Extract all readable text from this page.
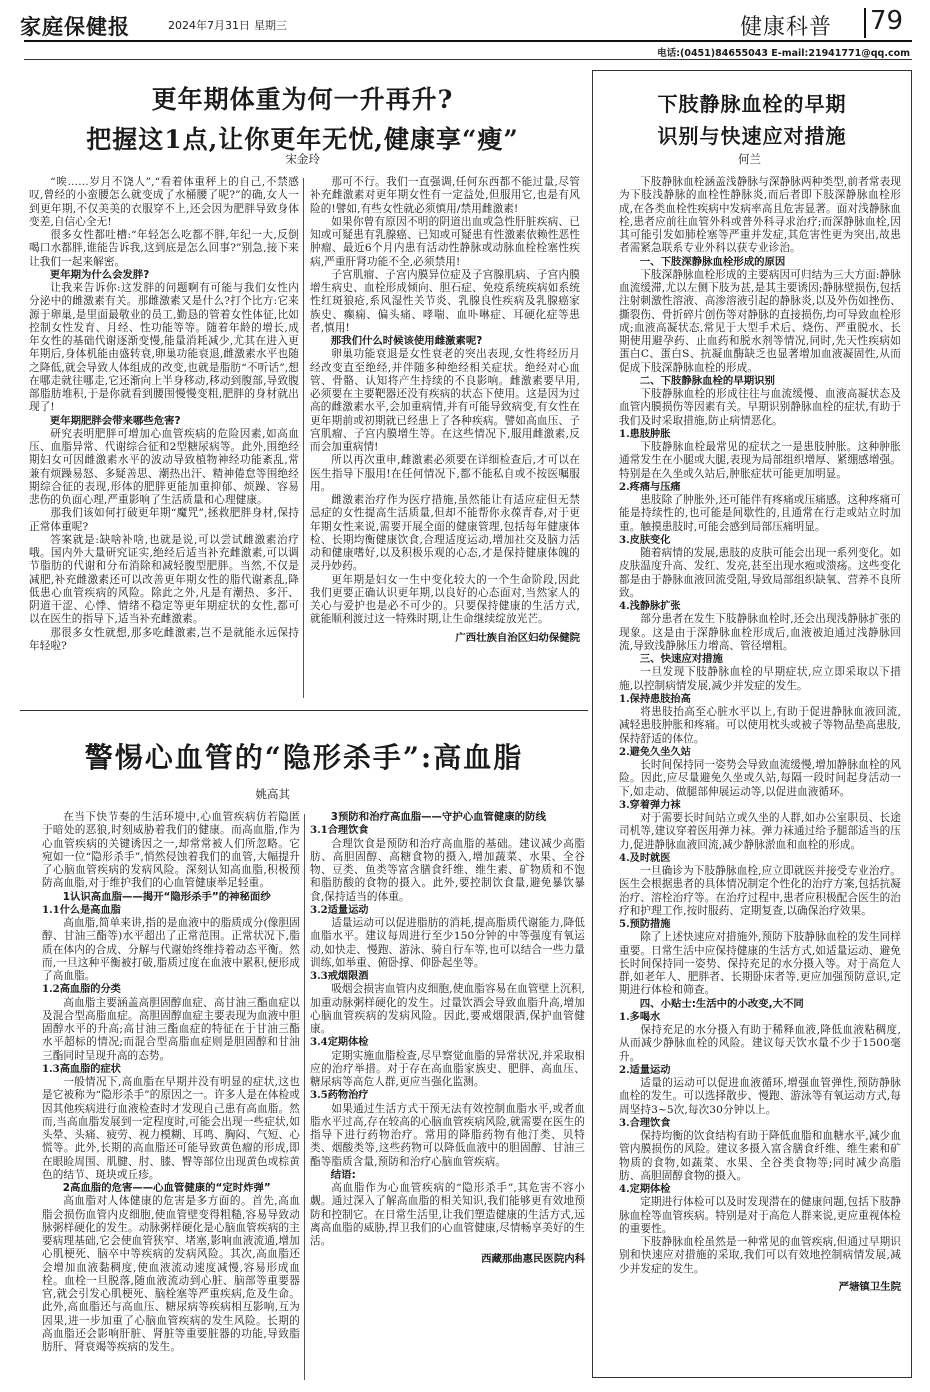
家庭保健报	2024年7月31日 星期三	健康科普 79
电话:(0451)84655043 E-mail:21941771@qq.com
更年期体重为何一升再升?
把握这1点,让你更年无忧,健康享“瘦”

宋金玲

“唉……岁月不饶人”,“看着体重秤上的自己,不禁感叹,曾经的小蛮腰怎么就变成了水桶腰了呢?”的确,女人一到更年期,不仅美美的衣服穿不上,还会因为肥胖导致身体变差,自信心全无!

很多女性都吐槽:“年轻怎么吃都不胖,年纪一大,反倒喝口水都胖,谁能告诉我,这到底是怎么回事?”别急,接下来让我们一起来解密。

更年期为什么会发胖?

让我来告诉你:这发胖的问题啊有可能与我们女性内分泌中的雌激素有关。那雌激素又是什么?打个比方:它来源于卵巢,是里面最敬业的员工,勤恳的管着女性体征,比如控制女性发育、月经、性功能等等。随着年龄的增长,成年女性的基础代谢逐渐变慢,能量消耗减少,尤其在进入更年期后,身体机能由盛转衰,卵巢功能衰退,雌激素水平也随之降低,就会导致人体组成的改变,也就是脂肪“不听话”,想在哪走就往哪走,它还渐向上半身移动,移动到腹部,导致腹部脂肪堆积,于是你就看到腰围慢慢变粗,肥胖的身材就出现了!

更年期肥胖会带来哪些危害?

研究表明肥胖可增加心血管疾病的危险因素,如高血压、血脂异常、代谢综合征和2型糖尿病等。此外,围绝经期妇女可因雌激素水平的波动导致植物神经功能紊乱,常兼有烦躁易怒、多疑善思、潮热出汗、精神倦怠等围绝经期综合征的表现,形体的肥胖更能加重抑郁、烦躁、容易悲伤的负面心理,严重影响了生活质量和心理健康。

那我们该如何打破更年期“魔咒”,拯救肥胖身材,保持正常体重呢?

答案就是:缺啥补啥,也就是说,可以尝试雌激素治疗哦。国内外大量研究证实,绝经后适当补充雌激素,可以调节脂肪的代谢和分布消除和减轻腹型肥胖。当然,不仅是减肥,补充雌激素还可以改善更年期女性的脂代谢紊乱,降低患心血管疾病的风险。除此之外,凡是有潮热、多汗、阴道干涩、心悸、情绪不稳定等更年期症状的女性,都可以在医生的指导下,适当补充雌激素。

那很多女性就想,那多吃雌激素,岂不是就能永远保持年轻啦?

那可不行。我们一直强调,任何东西都不能过量,尽管补充雌激素对更年期女性有一定益处,但服用它,也是有风险的!譬如,有些女性就必须慎用/禁用雌激素!

如果你曾有原因不明的阴道出血或急性肝脏疾病、已知或可疑患有乳腺癌、已知或可疑患有性激素依赖性恶性肿瘤、最近6个月内患有活动性静脉或动脉血栓栓塞性疾病,严重肝肾功能不全,必须禁用!

子宫肌瘤、子宫内膜异位症及子宫腺肌病、子宫内膜增生病史、血栓形成倾向、胆石症、免疫系统疾病如系统性红斑狼疮,系风湿性关节炎、乳腺良性疾病及乳腺癌家族史、癫痫、偏头痛、哮喘、血卟啉症、耳硬化症等患者,慎用!

那我们什么时候该使用雌激素呢?

卵巢功能衰退是女性衰老的突出表现,女性将经历月经改变直至绝经,并伴随多种绝经相关症状。绝经对心血管、骨骼、认知将产生持续的不良影响。雌激素要早用,必须要在主要靶器还没有疾病的状态下使用。这是因为过高的雌激素水平,会加重病情,并有可能导致病变,有女性在更年期前或初期就已经患上了各种疾病。譬如高血压、子宫肌瘤、子宫内膜增生等。在这些情况下,服用雌激素,反而会加重病情!

所以再次重申,雌激素必须要在详细检查后,才可以在医生指导下服用!在任何情况下,都不能私自或不按医嘱服用。

雌激素治疗作为医疗措施,虽然能让有适应症但无禁忌症的女性提高生活质量,但却不能帮你永葆青春,对于更年期女性来说,需要开展全面的健康管理,包括每年健康体检、长期均衡健康饮食,合理适度运动,增加社交及脑力活动和健康嗜好,以及积极乐观的心态,才是保持健康体魄的灵丹妙药。

更年期是妇女一生中变化较大的一个生命阶段,因此我们更要正确认识更年期,以良好的心态面对,当然家人的关心与爱护也是必不可少的。只要保持健康的生活方式,就能顺利渡过这一特殊时期,让生命继续绽放光芒。

广西壮族自治区妇幼保健院

下肢静脉血栓的早期
识别与快速应对措施

何兰

下肢静脉血栓涵盖浅静脉与深静脉两种类型,前者常表现为下肢浅静脉的血栓性静脉炎,而后者即下肢深静脉血栓形成,在各类血栓性疾病中发病率高且危害显著。面对浅静脉血栓,患者应前往血管外科或普外科寻求治疗;而深静脉血栓,因其可能引发如肺栓塞等严重并发症,其危害性更为突出,故患者需紧急联系专业外科以获专业诊治。

一、下肢深静脉血栓形成的原因

下肢深静脉血栓形成的主要病因可归结为三大方面:静脉血流缓滞,尤以左侧下肢为甚,是其主要诱因;静脉壁损伤,包括注射刺激性溶液、高渗溶液引起的静脉炎,以及外伤如挫伤、撕裂伤、骨折碎片创伤等对静脉的直接损伤,均可导致血栓形成;血液高凝状态,常见于大型手术后、烧伤、严重脱水、长期使用避孕药、止血药和脱水剂等情况,同时,先天性疾病如蛋白C、蛋白S、抗凝血酶缺乏也显著增加血液凝固性,从而促成下肢深静脉血栓的形成。

二、下肢静脉血栓的早期识别

下肢静脉血栓的形成往往与血流缓慢、血液高凝状态及血管内膜损伤等因素有关。早期识别静脉血栓的症状,有助于我们及时采取措施,防止病情恶化。

1.患肢肿胀

下肢静脉血栓最常见的症状之一是患肢肿胀。这种肿胀通常发生在小腿或大腿,表现为局部组织增厚、紧绷感增强。特别是在久坐或久站后,肿胀症状可能更加明显。

2.疼痛与压痛

患肢除了肿胀外,还可能伴有疼痛或压痛感。这种疼痛可能是持续性的,也可能是间歇性的,且通常在行走或站立时加重。触摸患肢时,可能会感到局部压痛明显。

3.皮肤变化

随着病情的发展,患肢的皮肤可能会出现一系列变化。如皮肤温度升高、发红、发亮,甚至出现水疱或溃疡。这些变化都是由于静脉血液回流受阻,导致局部组织缺氧、营养不良所致。

4.浅静脉扩张

部分患者在发生下肢静脉血栓时,还会出现浅静脉扩张的现象。这是由于深静脉血栓形成后,血液被迫通过浅静脉回流,导致浅静脉压力增高、管径增粗。

三、快速应对措施

一旦发现下肢静脉血栓的早期症状,应立即采取以下措施,以控制病情发展,减少并发症的发生。

1.保持患肢抬高

将患肢抬高至心脏水平以上,有助于促进静脉血液回流,减轻患肢肿胀和疼痛。可以使用枕头或被子等物品垫高患肢,保持舒适的体位。

2.避免久坐久站

长时间保持同一姿势会导致血流缓慢,增加静脉血栓的风险。因此,应尽量避免久坐或久站,每隔一段时间起身活动一下,如走动、做腿部伸展运动等,以促进血液循环。

3.穿着弹力袜

对于需要长时间站立或久坐的人群,如办公室职员、长途司机等,建议穿着医用弹力袜。弹力袜通过给予腿部适当的压力,促进静脉血液回流,减少静脉淤血和血栓的形成。

4.及时就医

一旦确诊为下肢静脉血栓,应立即就医并接受专业治疗。医生会根据患者的具体情况制定个性化的治疗方案,包括抗凝治疗、溶栓治疗等。在治疗过程中,患者应积极配合医生的治疗和护理工作,按时服药、定期复查,以确保治疗效果。

5.预防措施

除了上述快速应对措施外,预防下肢静脉血栓的发生同样重要。日常生活中应保持健康的生活方式,如适量运动、避免长时间保持同一姿势、保持充足的水分摄入等。对于高危人群,如老年人、肥胖者、长期卧床者等,更应加强预防意识,定期进行体检和筛查。

四、小贴士:生活中的小改变,大不同

1.多喝水

保持充足的水分摄入有助于稀释血液,降低血液粘稠度,从而减少静脉血栓的风险。建议每天饮水量不少于1500毫升。

2.适量运动

适量的运动可以促进血液循环,增强血管弹性,预防静脉血栓的发生。可以选择散步、慢跑、游泳等有氧运动方式,每周坚持3~5次,每次30分钟以上。

3.合理饮食

保持均衡的饮食结构有助于降低血脂和血糖水平,减少血管内膜损伤的风险。建议多摄入富含膳食纤维、维生素和矿物质的食物,如蔬菜、水果、全谷类食物等;同时减少高脂肪、高胆固醇食物的摄入。

4.定期体检

定期进行体检可以及时发现潜在的健康问题,包括下肢静脉血栓等血管疾病。特别是对于高危人群来说,更应重视体检的重要性。

下肢静脉血栓虽然是一种常见的血管疾病,但通过早期识别和快速应对措施的采取,我们可以有效地控制病情发展,减少并发症的发生。

严塘镇卫生院

警惕心血管的“隐形杀手”:高血脂

姚高其

在当下快节奏的生活环境中,心血管疾病仿若隐匿于暗处的恶狼,时刻威胁着我们的健康。而高血脂,作为心血管疾病的关键诱因之一,却常常被人们所忽略。它宛如一位“隐形杀手”,悄然侵蚀着我们的血管,大幅提升了心脑血管疾病的发病风险。深刻认知高血脂,积极预防高血脂,对于维护我们的心血管健康举足轻重。

1认识高血脂——揭开“隐形杀手”的神秘面纱

1.1什么是高血脂

高血脂,简单来讲,指的是血液中的脂质成分(像胆固醇、甘油三酯等)水平超出了正常范围。正常状况下,脂质在体内的合成、分解与代谢始终维持着动态平衡。然而,一旦这种平衡被打破,脂质过度在血液中累积,便形成了高血脂。

1.2高血脂的分类

高血脂主要涵盖高胆固醇血症、高甘油三酯血症以及混合型高脂血症。高胆固醇血症主要表现为血液中胆固醇水平的升高;高甘油三酯血症的特征在于甘油三酯水平超标的情况;而混合型高脂血症则是胆固醇和甘油三酯同时呈现升高的态势。

1.3高血脂的症状

一般情况下,高血脂在早期并没有明显的症状,这也是它被称为“隐形杀手”的原因之一。许多人是在体检或因其他疾病进行血液检查时才发现自己患有高血脂。然而,当高血脂发展到一定程度时,可能会出现一些症状,如头晕、头痛、疲劳、视力模糊、耳鸣、胸闷、气短、心慌等。此外,长期的高血脂还可能导致黄色瘤的形成,即在眼睑周围、肌腱、肘、膝、臀等部位出现黄色或棕黄色的结节、斑块或丘疹。

2高血脂的危害——心血管健康的“定时炸弹”

高血脂对人体健康的危害是多方面的。首先,高血脂会损伤血管内皮细胞,使血管壁变得粗糙,容易导致动脉粥样硬化的发生。动脉粥样硬化是心脑血管疾病的主要病理基础,它会使血管狭窄、堵塞,影响血液流通,增加心肌梗死、脑卒中等疾病的发病风险。其次,高血脂还会增加血液黏稠度,使血液流动速度减慢,容易形成血栓。血栓一旦脱落,随血液流动到心脏、脑部等重要器官,就会引发心肌梗死、脑栓塞等严重疾病,危及生命。此外,高血脂还与高血压、糖尿病等疾病相互影响,互为因果,进一步加重了心脑血管疾病的发生风险。长期的高血脂还会影响肝脏、肾脏等重要脏器的功能,导致脂肪肝、肾衰竭等疾病的发生。

3预防和治疗高血脂——守护心血管健康的防线

3.1合理饮食

合理饮食是预防和治疗高血脂的基础。建议减少高脂肪、高胆固醇、高糖食物的摄入,增加蔬菜、水果、全谷物、豆类、鱼类等富含膳食纤维、维生素、矿物质和不饱和脂肪酸的食物的摄入。此外,要控制饮食量,避免暴饮暴食,保持适当的体重。

3.2适量运动

适量运动可以促进脂肪的消耗,提高脂质代谢能力,降低血脂水平。建议每周进行至少150分钟的中等强度有氧运动,如快走、慢跑、游泳、骑自行车等,也可以结合一些力量训练,如举重、俯卧撑、仰卧起坐等。

3.3戒烟限酒

吸烟会损害血管内皮细胞,使血脂容易在血管壁上沉积,加重动脉粥样硬化的发生。过量饮酒会导致血脂升高,增加心脑血管疾病的发病风险。因此,要戒烟限酒,保护血管健康。

3.4定期体检

定期实施血脂检查,尽早察觉血脂的异常状况,并采取相应的治疗举措。对于存在高血脂家族史、肥胖、高血压、糖尿病等高危人群,更应当强化监测。

3.5药物治疗

如果通过生活方式干预无法有效控制血脂水平,或者血脂水平过高,存在较高的心脑血管疾病风险,就需要在医生的指导下进行药物治疗。常用的降脂药物有他汀类、贝特类、烟酸类等,这些药物可以降低血液中的胆固醇、甘油三酯等脂质含量,预防和治疗心脑血管疾病。

结语:

高血脂作为心血管疾病的“隐形杀手”,其危害不容小觑。通过深入了解高血脂的相关知识,我们能够更有效地预防和控制它。在日常生活里,让我们塑造健康的生活方式,远离高血脂的威胁,捍卫我们的心血管健康,尽情畅享美好的生活。

西藏那曲惠民医院内科
